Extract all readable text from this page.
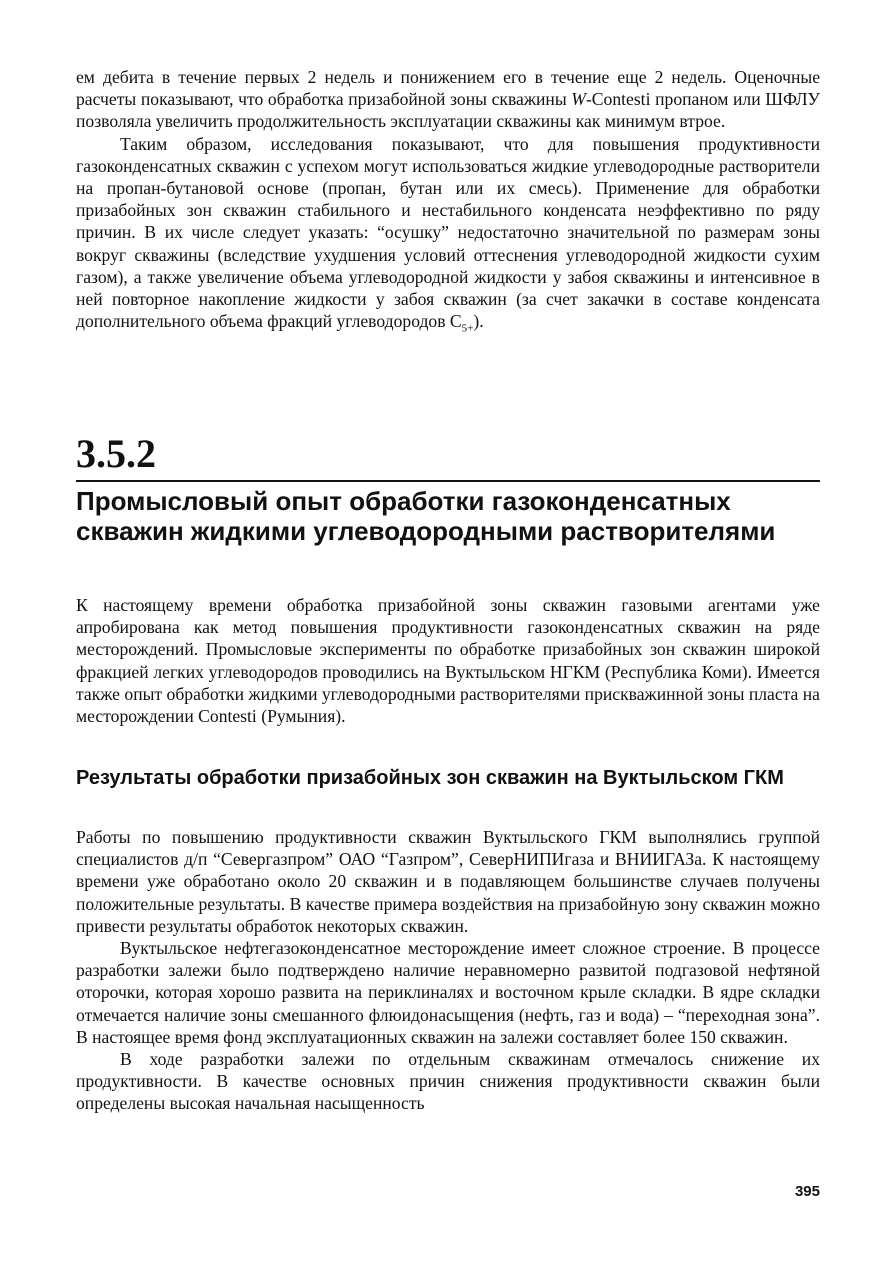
ем дебита в течение первых 2 недель и понижением его в течение еще 2 недель. Оценочные расчеты показывают, что обработка призабойной зоны скважины W-Contesti пропаном или ШФЛУ позволяла увеличить продолжительность эксплуатации скважины как минимум втрое.

Таким образом, исследования показывают, что для повышения продуктивности газоконденсатных скважин с успехом могут использоваться жидкие углеводородные растворители на пропан-бутановой основе (пропан, бутан или их смесь). Применение для обработки призабойных зон скважин стабильного и нестабильного конденсата неэффективно по ряду причин. В их числе следует указать: “осушку” недостаточно значительной по размерам зоны вокруг скважины (вследствие ухудшения условий оттеснения углеводородной жидкости сухим газом), а также увеличение объема углеводородной жидкости у забоя скважины и интенсивное в ней повторное накопление жидкости у забоя скважин (за счет закачки в составе конденсата дополнительного объема фракций углеводородов $C_{5+}$).

3.5.2
Промысловый опыт обработки газоконденсатных скважин жидкими углеводородными растворителями

К настоящему времени обработка призабойной зоны скважин газовыми агентами уже апробирована как метод повышения продуктивности газоконденсатных скважин на ряде месторождений. Промысловые эксперименты по обработке призабойных зон скважин широкой фракцией легких углеводородов проводились на Вуктыльском НГКМ (Республика Коми). Имеется также опыт обработки жидкими углеводородными растворителями прискважинной зоны пласта на месторождении Contesti (Румыния).

Результаты обработки призабойных зон скважин на Вуктыльском ГКМ

Работы по повышению продуктивности скважин Вуктыльского ГКМ выполнялись группой специалистов д/п “Севергазпром” ОАО “Газпром”, СеверНИПИгаза и ВНИИГАЗа. К настоящему времени уже обработано около 20 скважин и в подавляющем большинстве случаев получены положительные результаты. В качестве примера воздействия на призабойную зону скважин можно привести результаты обработок некоторых скважин.

Вуктыльское нефтегазоконденсатное месторождение имеет сложное строение. В процессе разработки залежи было подтверждено наличие неравномерно развитой подгазовой нефтяной оторочки, которая хорошо развита на периклиналях и восточном крыле складки. В ядре складки отмечается наличие зоны смешанного флюидонасыщения (нефть, газ и вода) – “переходная зона”. В настоящее время фонд эксплуатационных скважин на залежи составляет более 150 скважин.

В ходе разработки залежи по отдельным скважинам отмечалось снижение их продуктивности. В качестве основных причин снижения продуктивности скважин были определены высокая начальная насыщенность

395
